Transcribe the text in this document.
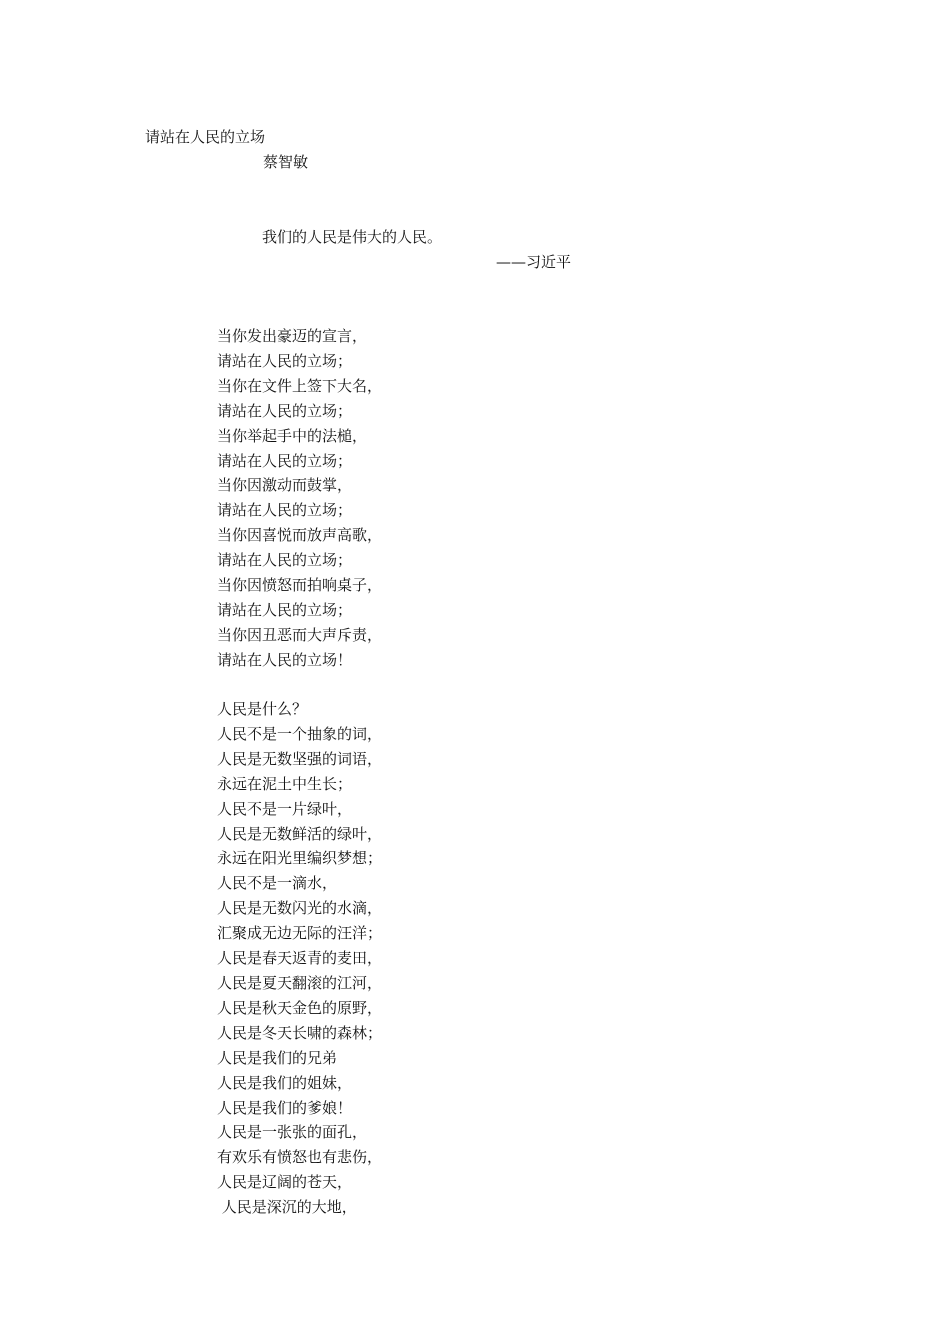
请站在人民的立场
蔡智敏
我们的人民是伟大的人民。
——习近平
当你发出豪迈的宣言，
请站在人民的立场；
当你在文件上签下大名，
请站在人民的立场；
当你举起手中的法槌，
请站在人民的立场；
当你因激动而鼓掌，
请站在人民的立场；
当你因喜悦而放声高歌，
请站在人民的立场；
当你因愤怒而拍响桌子，
请站在人民的立场；
当你因丑恶而大声斥责，
请站在人民的立场！
人民是什么？
人民不是一个抽象的词，
人民是无数坚强的词语，
永远在泥土中生长；
人民不是一片绿叶，
人民是无数鲜活的绿叶，
永远在阳光里编织梦想；
人民不是一滴水，
人民是无数闪光的水滴，
汇聚成无边无际的汪洋；
人民是春天返青的麦田，
人民是夏天翻滚的江河，
人民是秋天金色的原野，
人民是冬天长啸的森林；
人民是我们的兄弟
人民是我们的姐妹，
人民是我们的爹娘！
人民是一张张的面孔，
有欢乐有愤怒也有悲伤，
人民是辽阔的苍天，
人民是深沉的大地，
